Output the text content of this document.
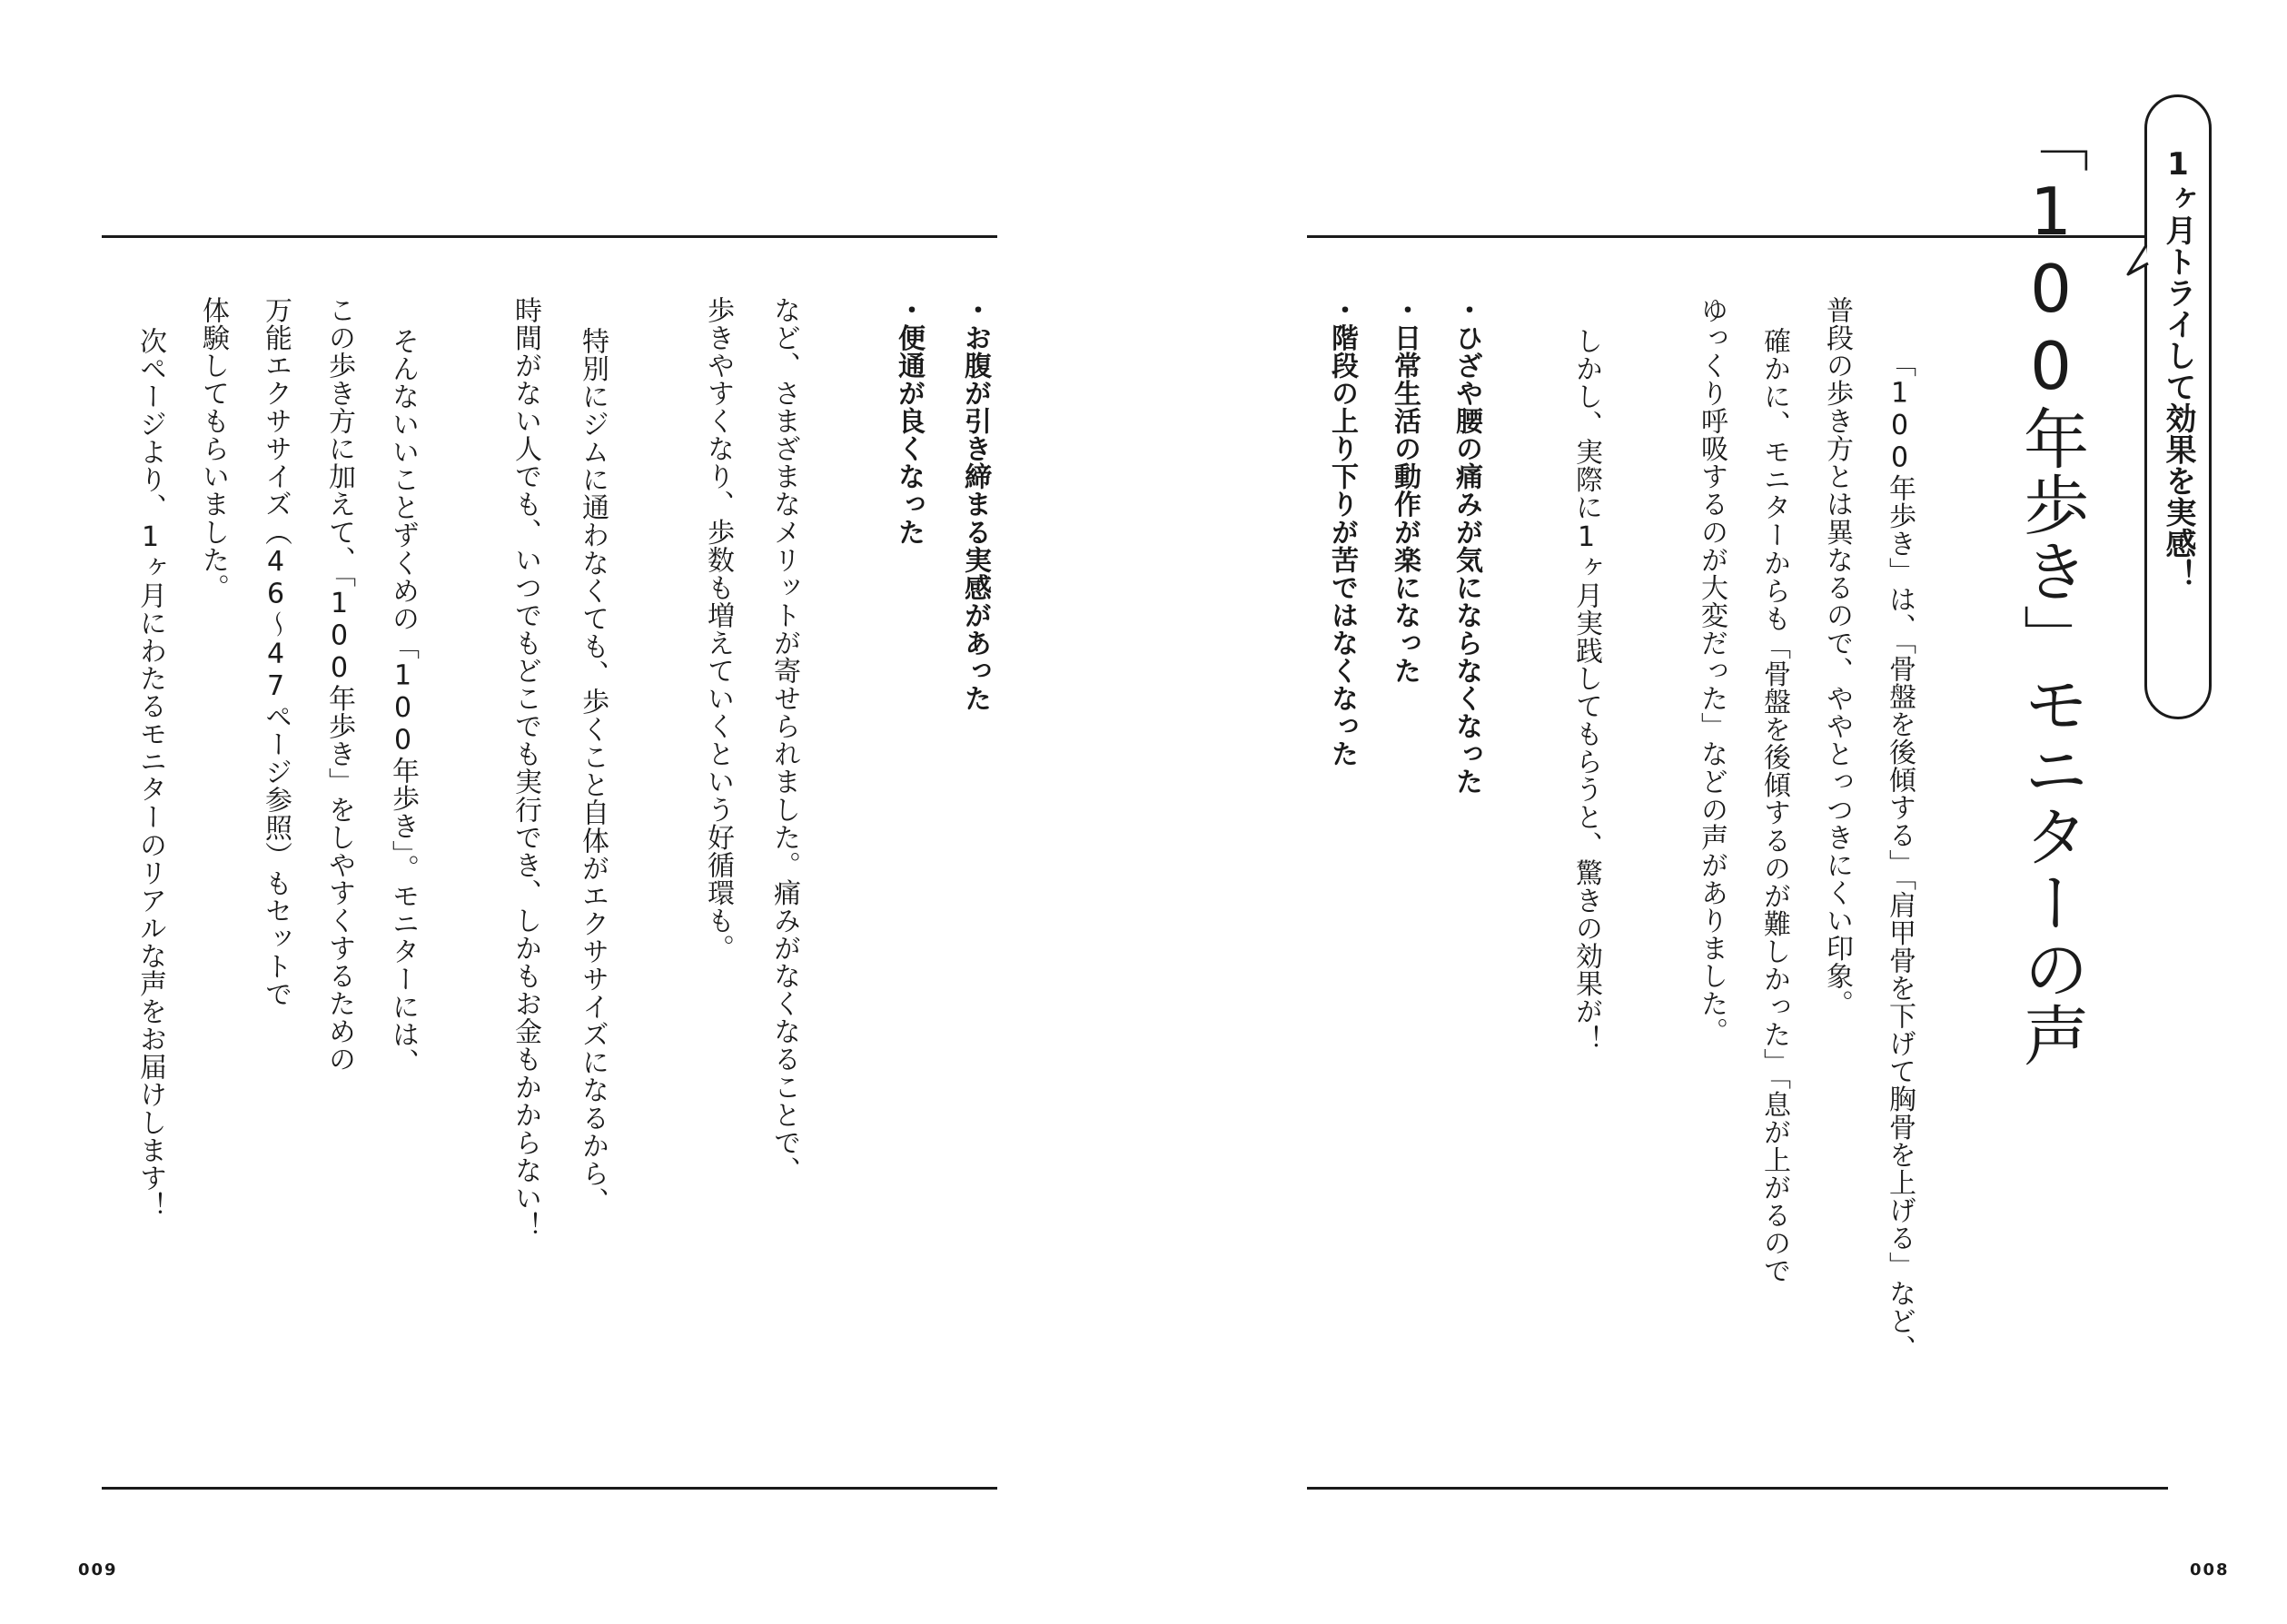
・お腹が引き締まる実感があった
・便通が良くなった
など、さまざまなメリットが寄せられました。痛みがなくなることで、
歩きやすくなり、歩数も増えていくという好循環も。
特別にジムに通わなくても、歩くこと自体がエクササイズになるから、
時間がない人でも、いつでもどこでも実行でき、しかもお金もかからない！
そんないいことずくめの「100年歩き」。モニターには、
この歩き方に加えて、「100年歩き」をしやすくするための
万能エクササイズ（46〜47ページ参照）もセットで
体験してもらいました。
次ページより、1ヶ月にわたるモニターのリアルな声をお届けします！
009
「100年歩き」モニターの声 1ヶ月トライして効果を実感！
「100年歩き」は、「骨盤を後傾する」「肩甲骨を下げて胸骨を上げる」など、
普段の歩き方とは異なるので、ややとっつきにくい印象。
確かに、モニターからも「骨盤を後傾するのが難しかった」「息が上がるので
ゆっくり呼吸するのが大変だった」などの声がありました。
しかし、実際に1ヶ月実践してもらうと、驚きの効果が！
・ひざや腰の痛みが気にならなくなった
・日常生活の動作が楽になった
・階段の上り下りが苦ではなくなった
008
